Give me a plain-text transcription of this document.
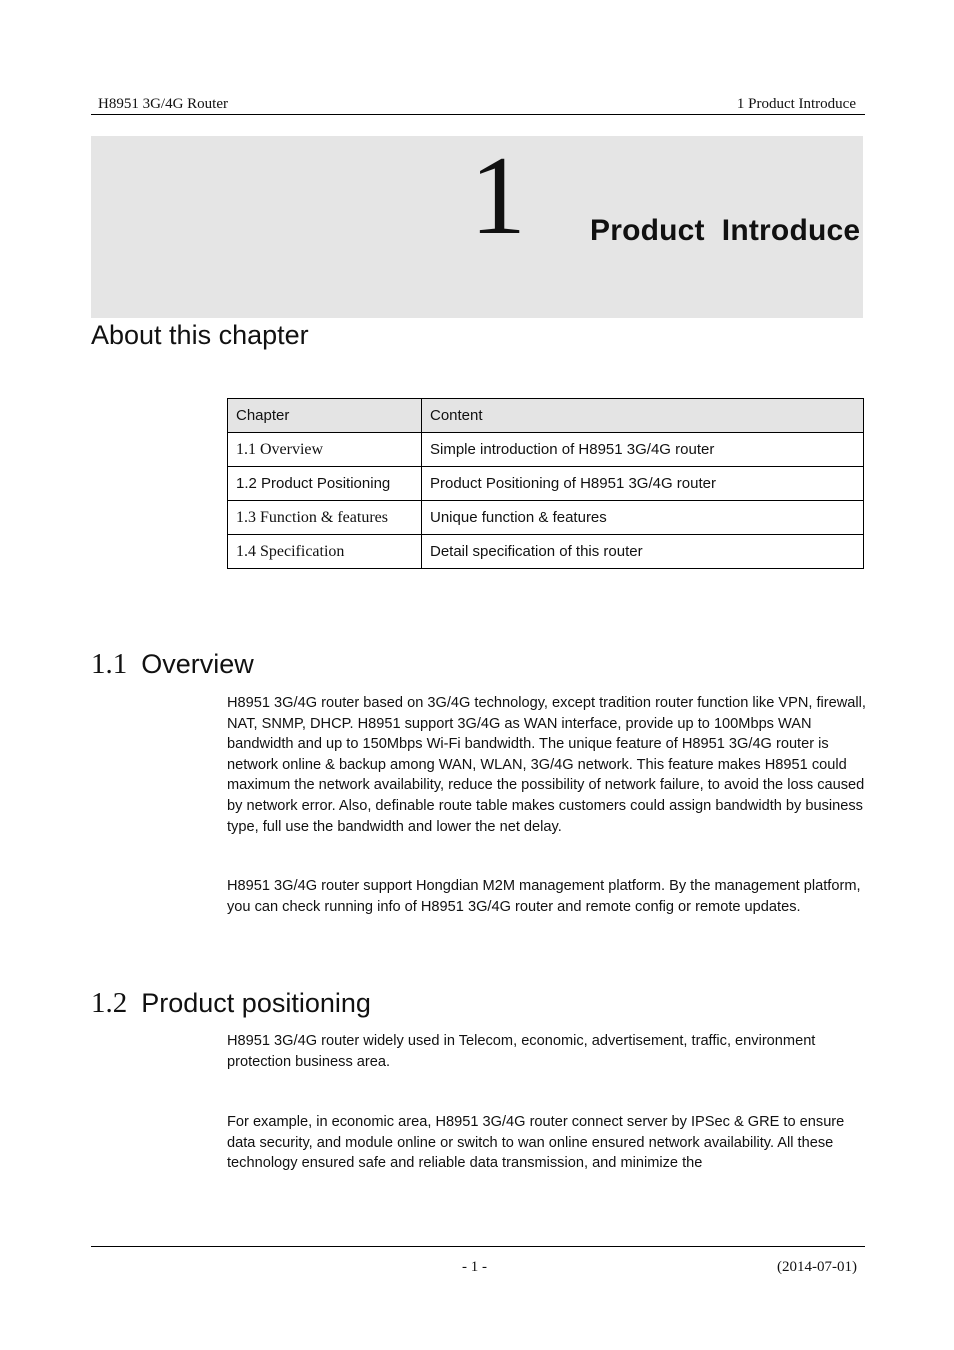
H8951 3G/4G Router	1 Product Introduce
1 Product  Introduce
About this chapter
Chapter	Content
1.1 Overview	Simple introduction of H8951 3G/4G router
1.2 Product Positioning	Product Positioning of H8951 3G/4G router
1.3 Function & features	Unique function & features
1.4 Specification	Detail specification of this router
1.1 Overview
H8951 3G/4G router based on 3G/4G technology, except tradition router function like VPN, firewall, NAT, SNMP, DHCP. H8951 support 3G/4G as WAN interface, provide up to 100Mbps WAN bandwidth and up to 150Mbps Wi-Fi bandwidth. The unique feature of H8951 3G/4G router is network online & backup among WAN, WLAN, 3G/4G network. This feature makes H8951 could maximum the network availability, reduce the possibility of network failure, to avoid the loss caused by network error. Also, definable route table makes customers could assign bandwidth by business type, full use the bandwidth and lower the net delay.
H8951 3G/4G router support Hongdian M2M management platform. By the management platform, you can check running info of H8951 3G/4G router and remote config or remote updates.
1.2 Product positioning
H8951 3G/4G router widely used in Telecom, economic, advertisement, traffic, environment protection business area.
For example, in economic area, H8951 3G/4G router connect server by IPSec & GRE to ensure data security, and module online or switch to wan online ensured network availability. All these technology ensured safe and reliable data transmission, and minimize the
- 1 -	(2014-07-01)
